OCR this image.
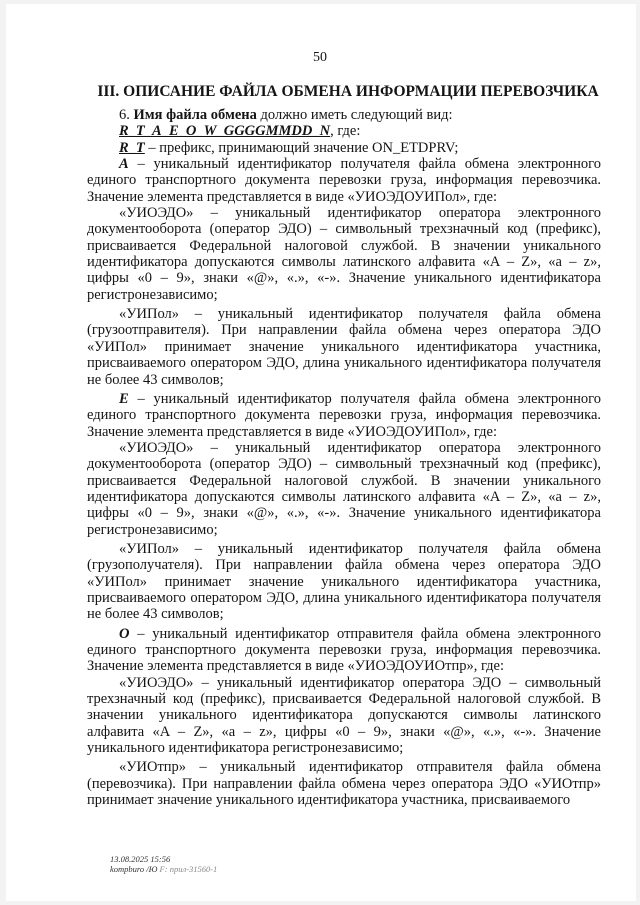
50
III. ОПИСАНИЕ ФАЙЛА ОБМЕНА ИНФОРМАЦИИ ПЕРЕВОЗЧИКА

6. Имя файла обмена должно иметь следующий вид:

R_T_A_E_O_W_GGGGMMDD_N, где:

R_T – префикс, принимающий значение ON_ETDPRV;

A – уникальный идентификатор получателя файла обмена электронного единого транспортного документа перевозки груза, информация перевозчика. Значение элемента представляется в виде «УИОЭДОУИПол», где:

«УИОЭДО» – уникальный идентификатор оператора электронного документооборота (оператор ЭДО) – символьный трехзначный код (префикс), присваивается Федеральной налоговой службой. В значении уникального идентификатора допускаются символы латинского алфавита «A – Z», «a – z», цифры «0 – 9», знаки «@», «.», «-». Значение уникального идентификатора регистронезависимо;

«УИПол» – уникальный идентификатор получателя файла обмена (грузоотправителя). При направлении файла обмена через оператора ЭДО «УИПол» принимает значение уникального идентификатора участника, присваиваемого оператором ЭДО, длина уникального идентификатора получателя не более 43 символов;

E – уникальный идентификатор получателя файла обмена электронного единого транспортного документа перевозки груза, информация перевозчика. Значение элемента представляется в виде «УИОЭДОУИПол», где:

«УИОЭДО» – уникальный идентификатор оператора электронного документооборота (оператор ЭДО) – символьный трехзначный код (префикс), присваивается Федеральной налоговой службой. В значении уникального идентификатора допускаются символы латинского алфавита «A – Z», «a – z», цифры «0 – 9», знаки «@», «.», «-». Значение уникального идентификатора регистронезависимо;

«УИПол» – уникальный идентификатор получателя файла обмена (грузополучателя). При направлении файла обмена через оператора ЭДО «УИПол» принимает значение уникального идентификатора участника, присваиваемого оператором ЭДО, длина уникального идентификатора получателя не более 43 символов;

O – уникальный идентификатор отправителя файла обмена электронного единого транспортного документа перевозки груза, информация перевозчика. Значение элемента представляется в виде «УИОЭДОУИОтпр», где:

«УИОЭДО» – уникальный идентификатор оператора ЭДО – символьный трехзначный код (префикс), присваивается Федеральной налоговой службой. В значении уникального идентификатора допускаются символы латинского алфавита «A – Z», «a – z», цифры «0 – 9», знаки «@», «.», «-». Значение уникального идентификатора регистронезависимо;

«УИОтпр» – уникальный идентификатор отправителя файла обмена (перевозчика). При направлении файла обмена через оператора ЭДО «УИОтпр» принимает значение уникального идентификатора участника, присваиваемого

13.08.2025 15:56
kompburo /Ю F: прил-31560-1
